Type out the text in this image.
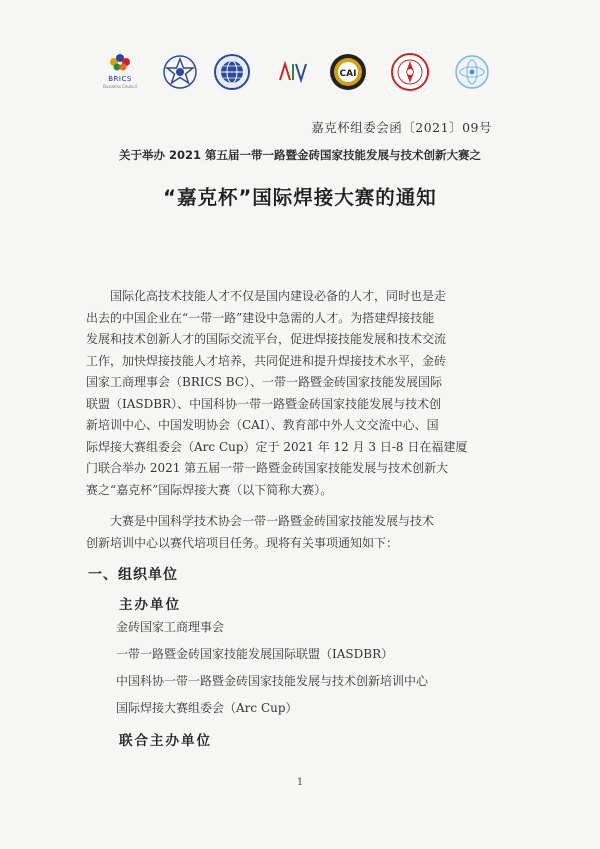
BRICS
Business Council
CAI
嘉克杯组委会函〔2021〕09号
关于举办 2021 第五届一带一路暨金砖国家技能发展与技术创新大赛之
“嘉克杯”国际焊接大赛的通知
国际化高技术技能人才不仅是国内建设必备的人才，同时也是走
出去的中国企业在“一带一路”建设中急需的人才。为搭建焊接技能
发展和技术创新人才的国际交流平台，促进焊接技能发展和技术交流
工作，加快焊接技能人才培养，共同促进和提升焊接技术水平，金砖
国家工商理事会（BRICS BC）、一带一路暨金砖国家技能发展国际
联盟（IASDBR）、中国科协一带一路暨金砖国家技能发展与技术创
新培训中心、中国发明协会（CAI）、教育部中外人文交流中心、国
际焊接大赛组委会（Arc Cup）定于 2021 年 12 月 3 日-8 日在福建厦
门联合举办 2021 第五届一带一路暨金砖国家技能发展与技术创新大
赛之“嘉克杯”国际焊接大赛（以下简称大赛）。
大赛是中国科学技术协会一带一路暨金砖国家技能发展与技术
创新培训中心以赛代培项目任务。现将有关事项通知如下：
一、组织单位
主办单位
金砖国家工商理事会
一带一路暨金砖国家技能发展国际联盟（IASDBR）
中国科协一带一路暨金砖国家技能发展与技术创新培训中心
国际焊接大赛组委会（Arc Cup）
联合主办单位
1
